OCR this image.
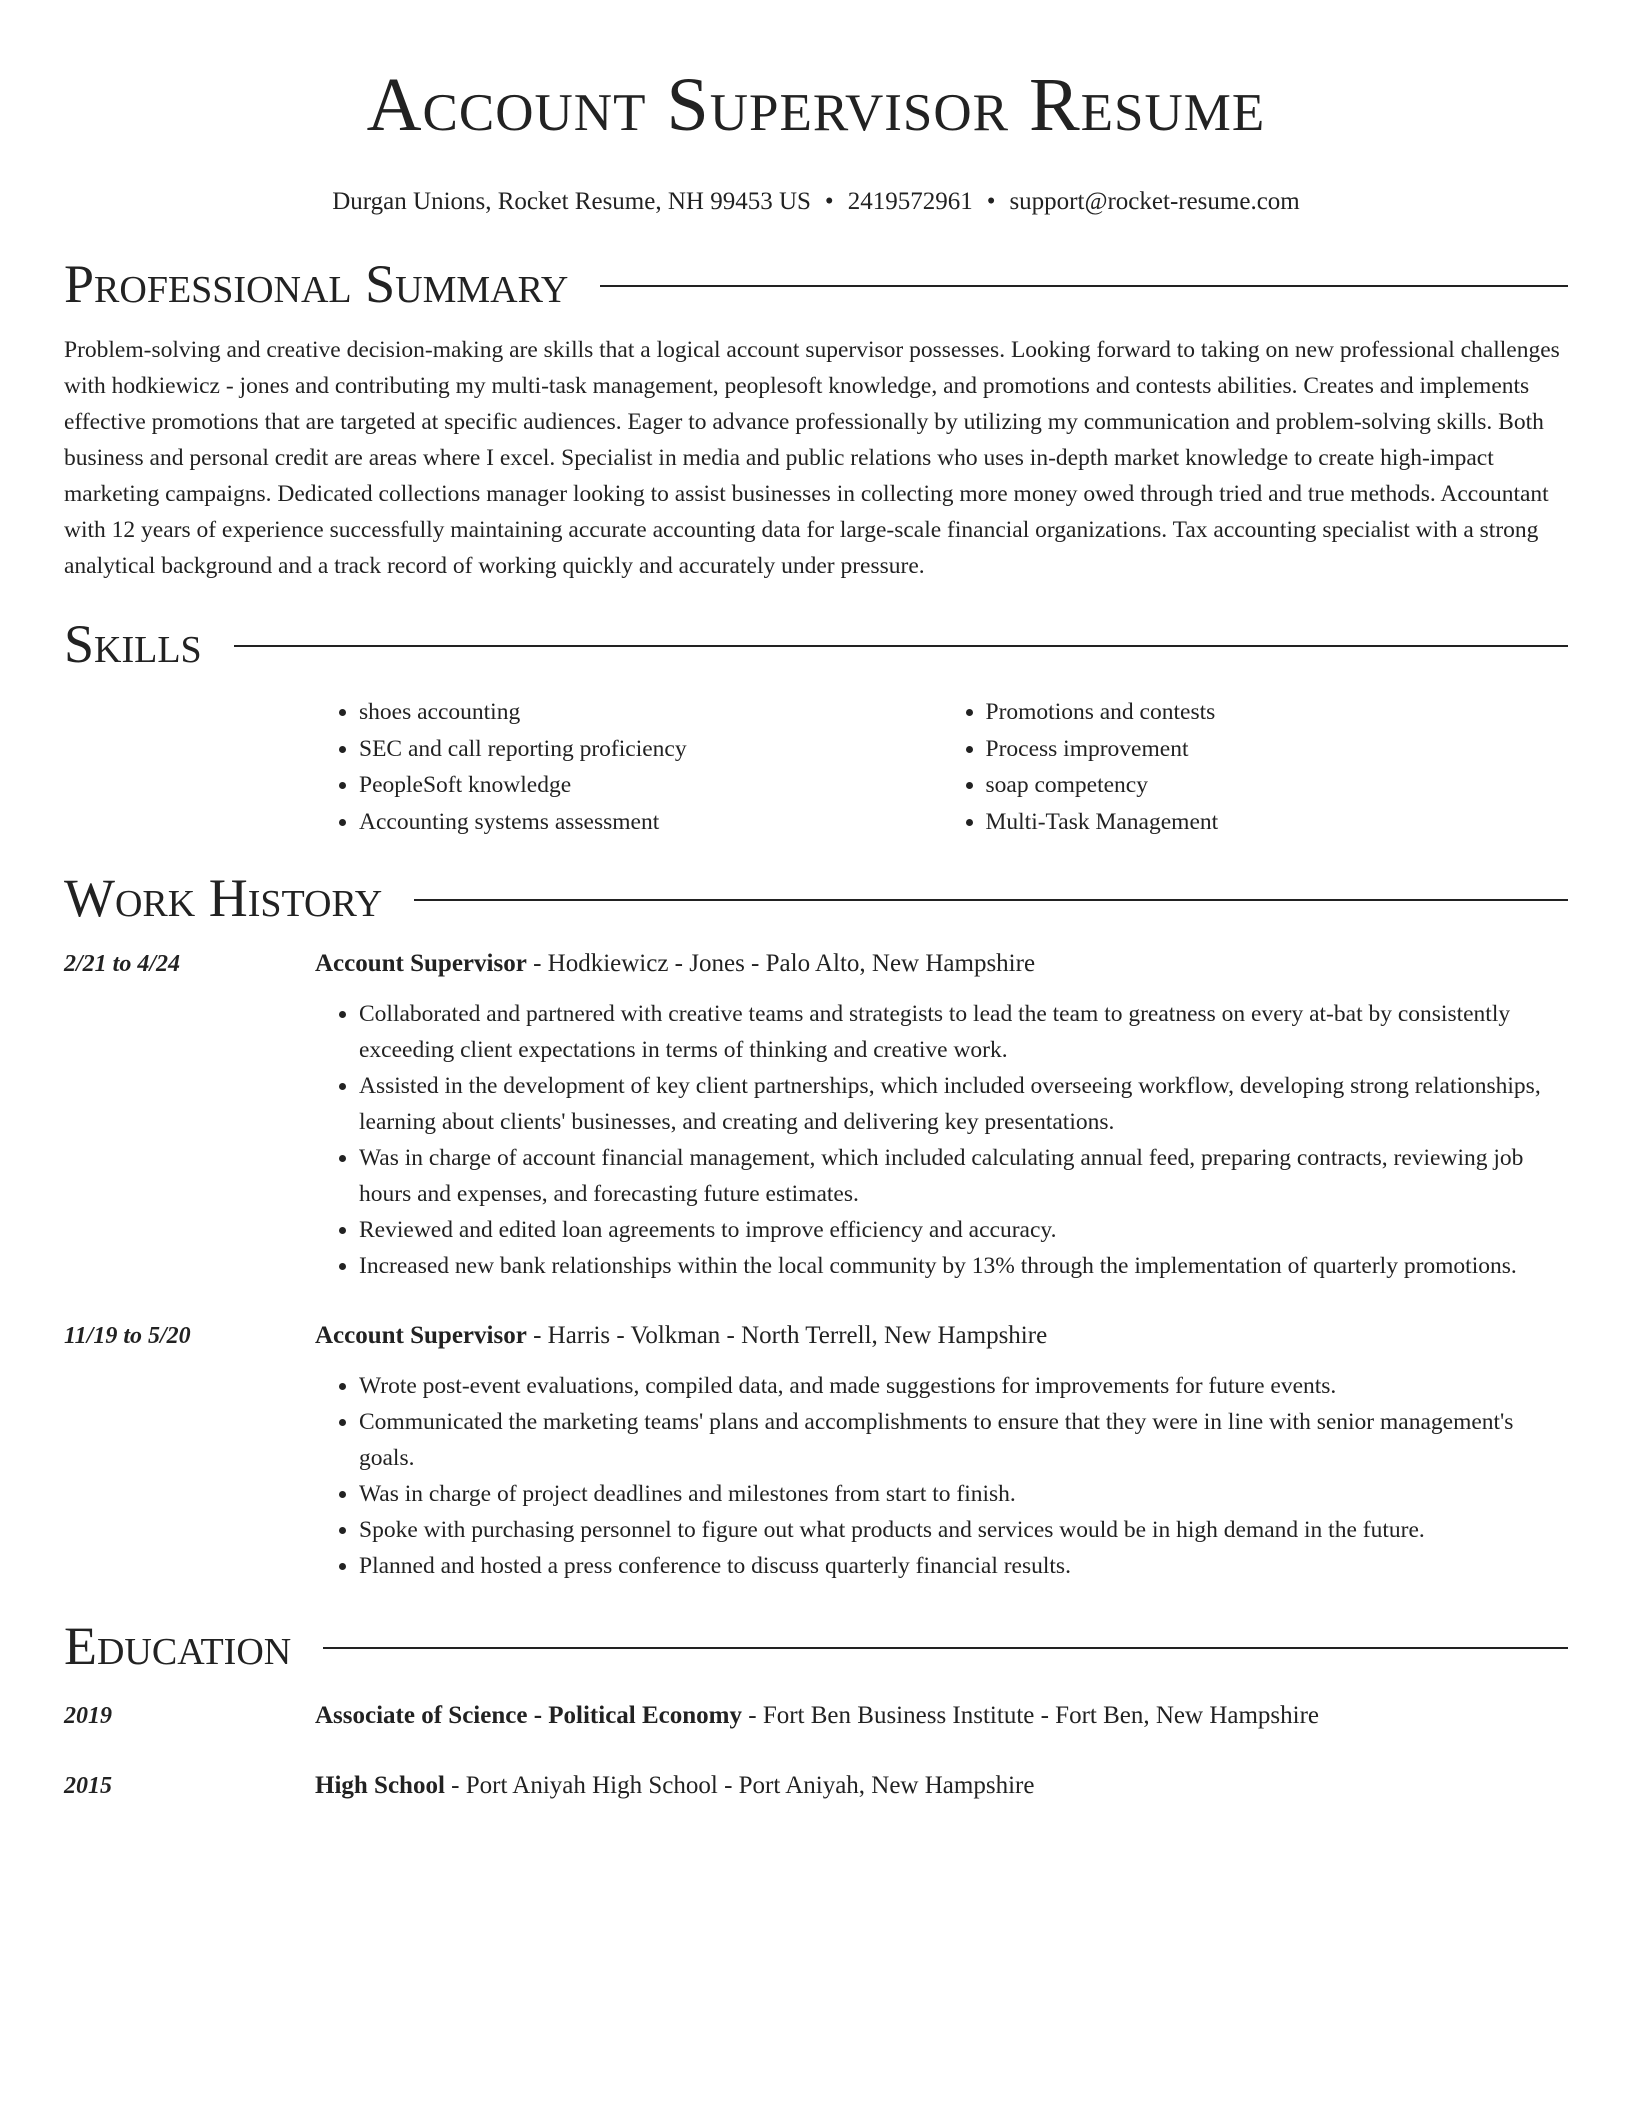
Account Supervisor Resume
Durgan Unions, Rocket Resume, NH 99453 US • 2419572961 • support@rocket-resume.com
Professional Summary

Problem-solving and creative decision-making are skills that a logical account supervisor possesses. Looking forward to taking on new professional challenges with hodkiewicz - jones and contributing my multi-task management, peoplesoft knowledge, and promotions and contests abilities. Creates and implements effective promotions that are targeted at specific audiences. Eager to advance professionally by utilizing my communication and problem-solving skills. Both business and personal credit are areas where I excel. Specialist in media and public relations who uses in-depth market knowledge to create high-impact marketing campaigns. Dedicated collections manager looking to assist businesses in collecting more money owed through tried and true methods. Accountant with 12 years of experience successfully maintaining accurate accounting data for large-scale financial organizations. Tax accounting specialist with a strong analytical background and a track record of working quickly and accurately under pressure.

Skills
• shoes accounting
• SEC and call reporting proficiency
• PeopleSoft knowledge
• Accounting systems assessment
• Promotions and contests
• Process improvement
• soap competency
• Multi-Task Management
Work History
2/21 to 4/24	Account Supervisor - Hodkiewicz - Jones - Palo Alto, New Hampshire
• Collaborated and partnered with creative teams and strategists to lead the team to greatness on every at-bat by consistently exceeding client expectations in terms of thinking and creative work.
• Assisted in the development of key client partnerships, which included overseeing workflow, developing strong relationships, learning about clients' businesses, and creating and delivering key presentations.
• Was in charge of account financial management, which included calculating annual feed, preparing contracts, reviewing job hours and expenses, and forecasting future estimates.
• Reviewed and edited loan agreements to improve efficiency and accuracy.
• Increased new bank relationships within the local community by 13% through the implementation of quarterly promotions.
11/19 to 5/20	Account Supervisor - Harris - Volkman - North Terrell, New Hampshire
• Wrote post-event evaluations, compiled data, and made suggestions for improvements for future events.
• Communicated the marketing teams' plans and accomplishments to ensure that they were in line with senior management's goals.
• Was in charge of project deadlines and milestones from start to finish.
• Spoke with purchasing personnel to figure out what products and services would be in high demand in the future.
• Planned and hosted a press conference to discuss quarterly financial results.
Education
2019	Associate of Science - Political Economy - Fort Ben Business Institute - Fort Ben, New Hampshire
2015	High School - Port Aniyah High School - Port Aniyah, New Hampshire
